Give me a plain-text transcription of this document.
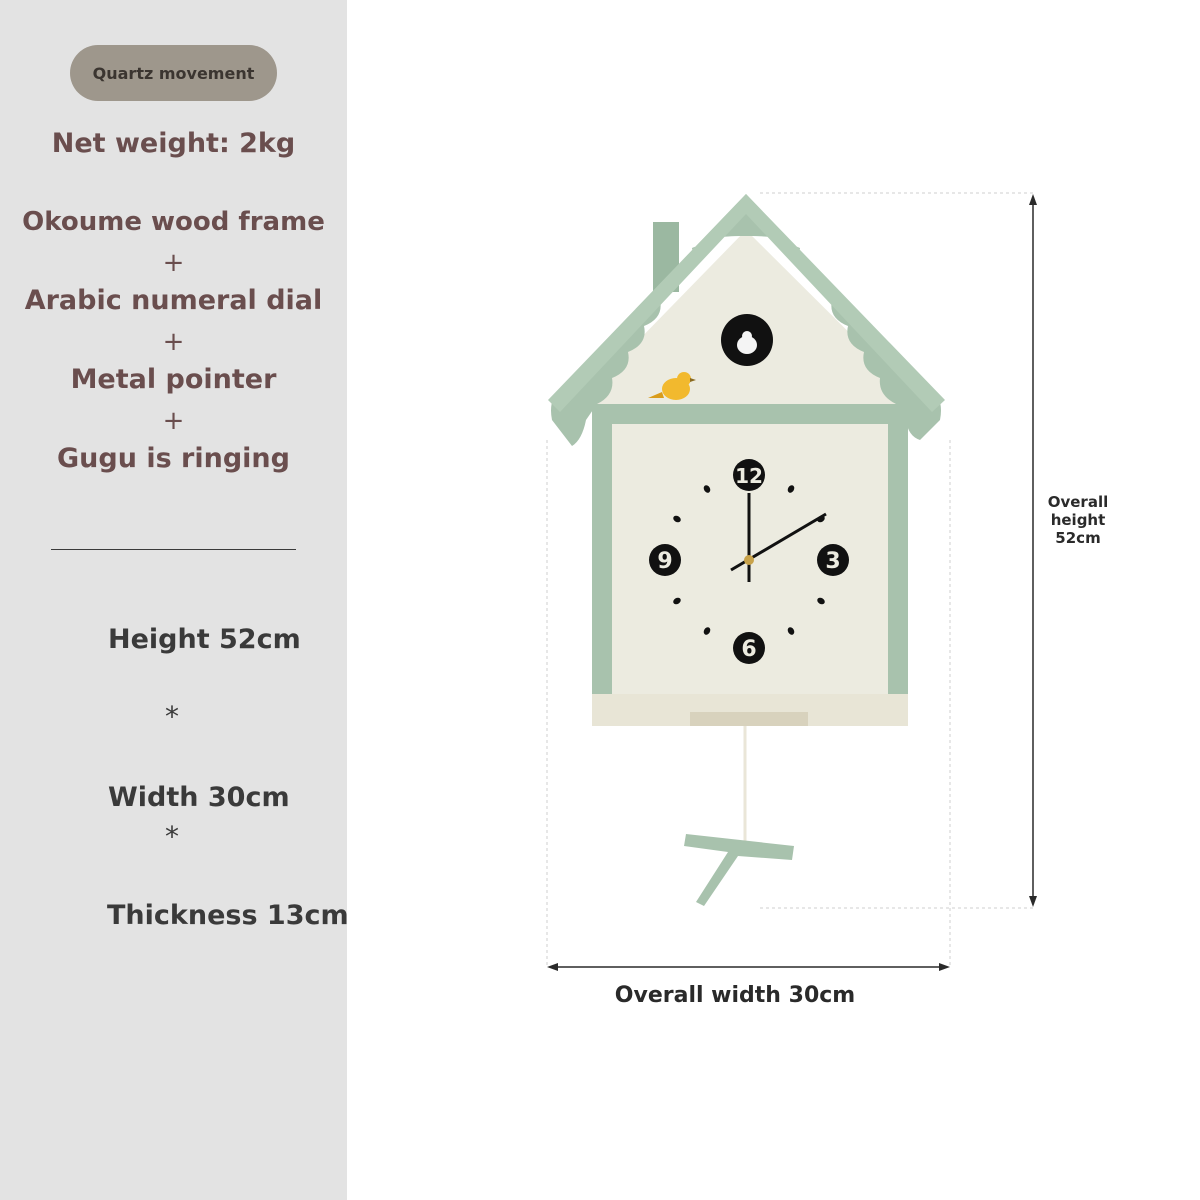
Quartz movement
Net weight: 2kg
Okoume wood frame
+
Arabic numeral dial
+
Metal pointer
+
Gugu is ringing
Height 52cm
*
Width 30cm
*
Thickness 13cm
12
3
6
9
Overall
height
52cm
Overall width 30cm
